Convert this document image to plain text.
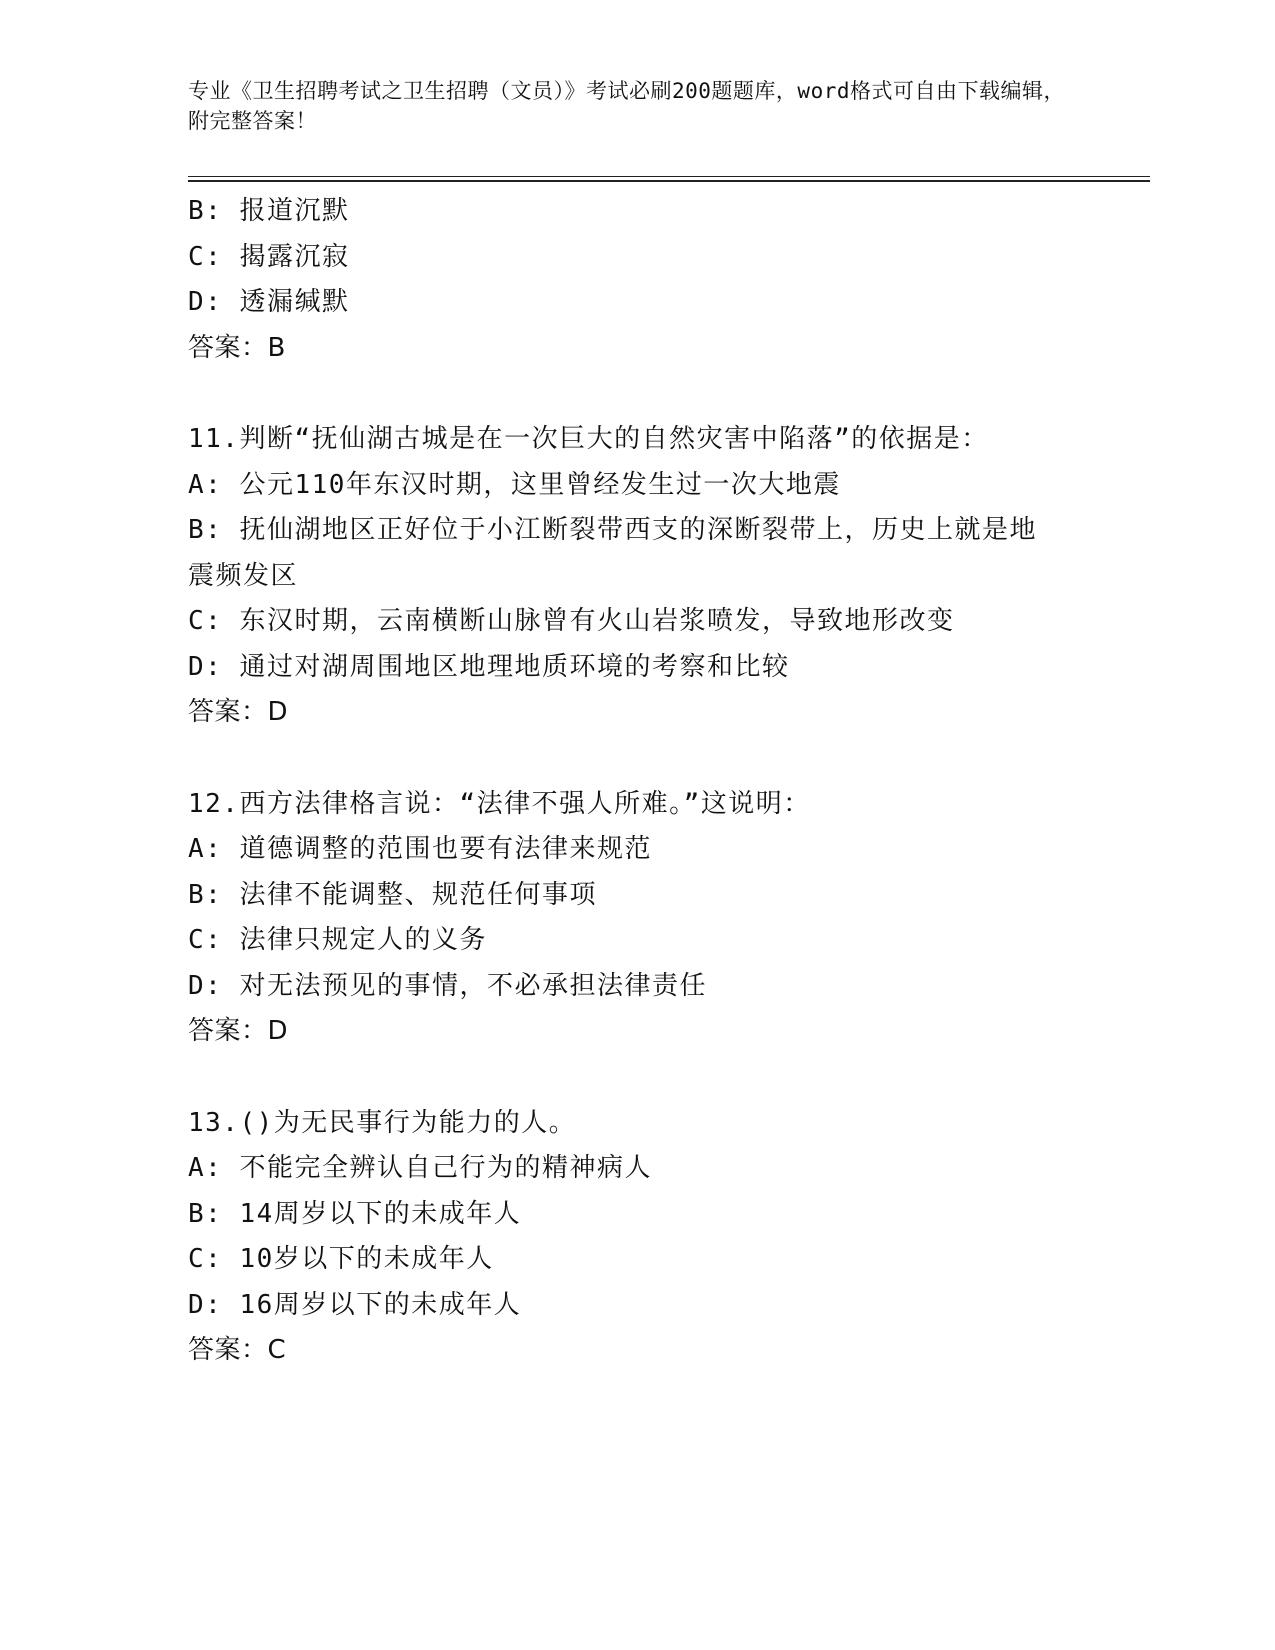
专业《卫生招聘考试之卫生招聘（文员）》考试必刷200题题库，word格式可自由下载编辑，附完整答案！
B: 报道沉默
C: 揭露沉寂
D: 透漏缄默
答案：B
11.判断“抚仙湖古城是在一次巨大的自然灾害中陷落”的依据是：
A: 公元110年东汉时期，这里曾经发生过一次大地震
B: 抚仙湖地区正好位于小江断裂带西支的深断裂带上，历史上就是地
震频发区
C: 东汉时期，云南横断山脉曾有火山岩浆喷发，导致地形改变
D: 通过对湖周围地区地理地质环境的考察和比较
答案：D
12.西方法律格言说：“法律不强人所难。”这说明：
A: 道德调整的范围也要有法律来规范
B: 法律不能调整、规范任何事项
C: 法律只规定人的义务
D: 对无法预见的事情，不必承担法律责任
答案：D
13.()为无民事行为能力的人。
A: 不能完全辨认自己行为的精神病人
B: 14周岁以下的未成年人
C: 10岁以下的未成年人
D: 16周岁以下的未成年人
答案：C
